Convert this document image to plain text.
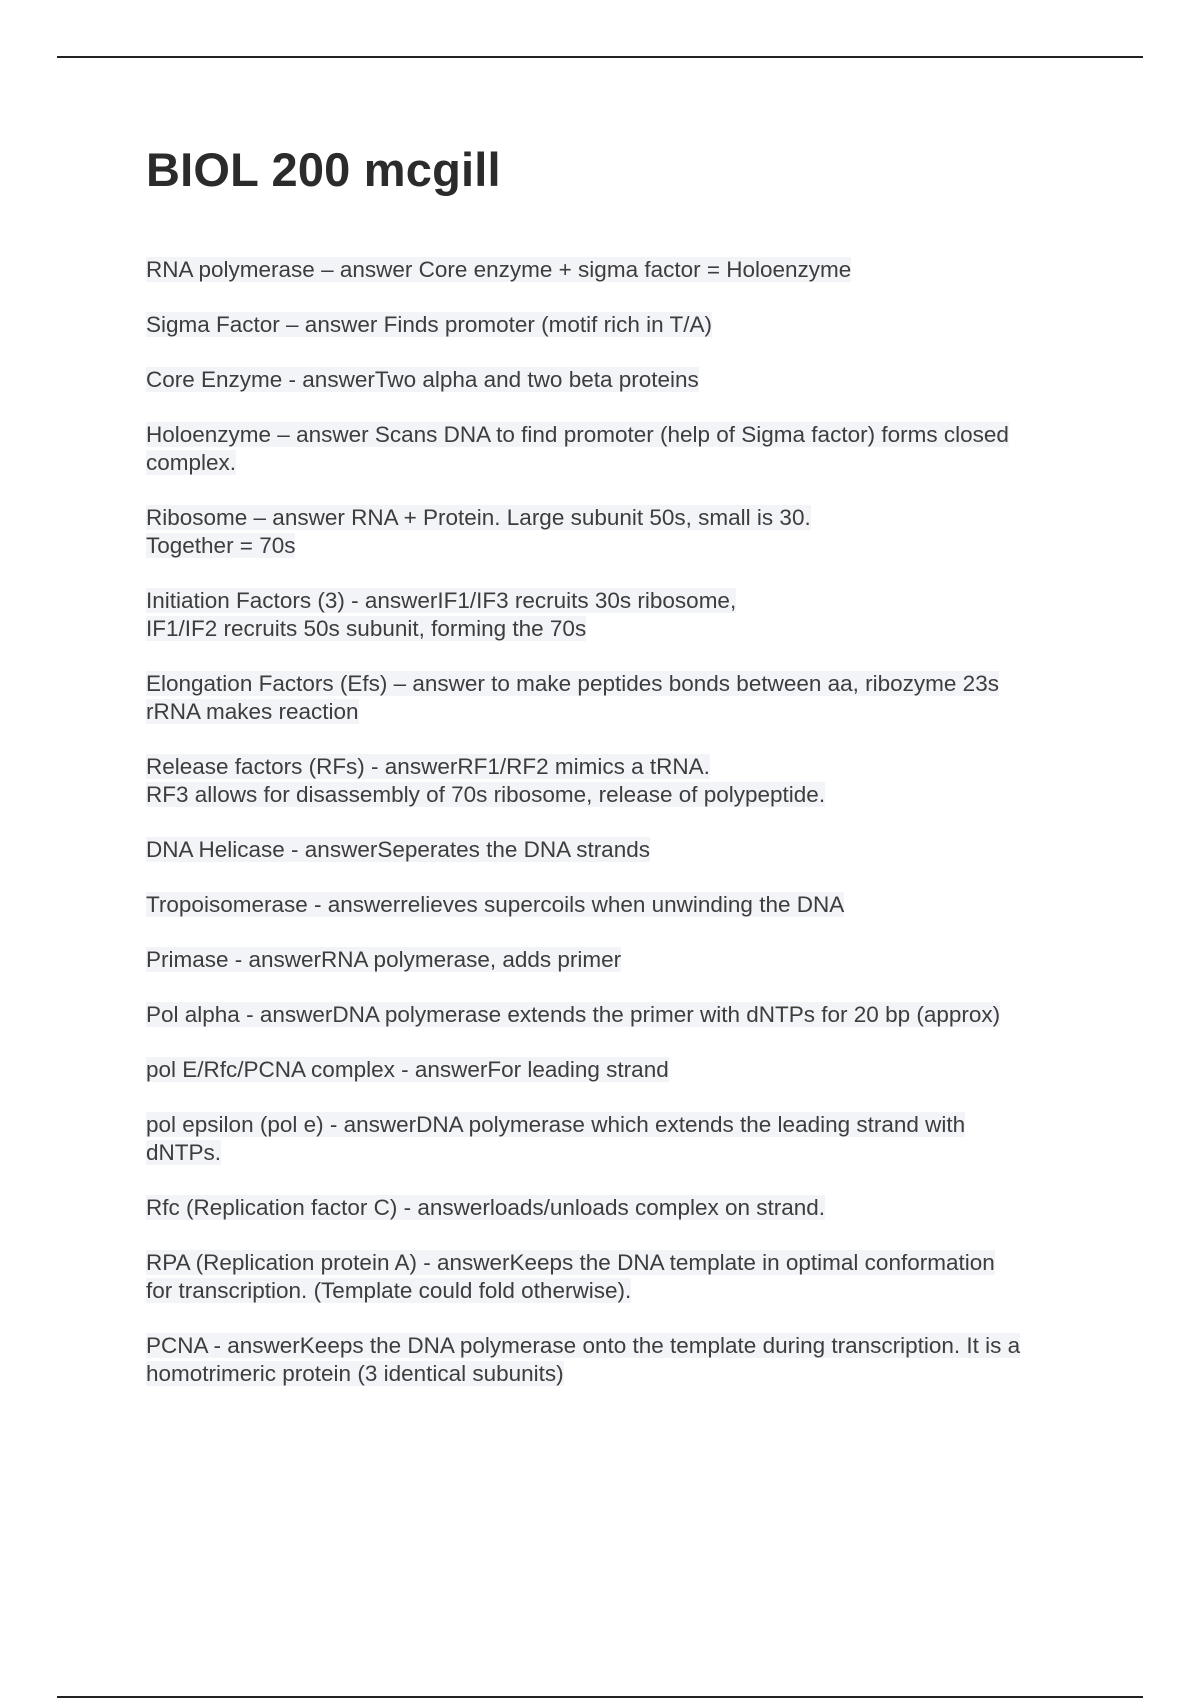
BIOL 200 mcgill
RNA polymerase – answer Core enzyme + sigma factor = Holoenzyme
Sigma Factor – answer Finds promoter (motif rich in T/A)
Core Enzyme - answerTwo alpha and two beta proteins
Holoenzyme – answer Scans DNA to find promoter (help of Sigma factor) forms closed
complex.
Ribosome – answer RNA + Protein. Large subunit 50s, small is 30.
Together = 70s
Initiation Factors (3) - answerIF1/IF3 recruits 30s ribosome,
IF1/IF2 recruits 50s subunit, forming the 70s
Elongation Factors (Efs) – answer to make peptides bonds between aa, ribozyme 23s
rRNA makes reaction
Release factors (RFs) - answerRF1/RF2 mimics a tRNA.
RF3 allows for disassembly of 70s ribosome, release of polypeptide.
DNA Helicase - answerSeperates the DNA strands
Tropoisomerase - answerrelieves supercoils when unwinding the DNA
Primase - answerRNA polymerase, adds primer
Pol alpha - answerDNA polymerase extends the primer with dNTPs for 20 bp (approx)
pol E/Rfc/PCNA complex - answerFor leading strand
pol epsilon (pol e) - answerDNA polymerase which extends the leading strand with
dNTPs.
Rfc (Replication factor C) - answerloads/unloads complex on strand.
RPA (Replication protein A) - answerKeeps the DNA template in optimal conformation
for transcription. (Template could fold otherwise).
PCNA - answerKeeps the DNA polymerase onto the template during transcription. It is a
homotrimeric protein (3 identical subunits)
